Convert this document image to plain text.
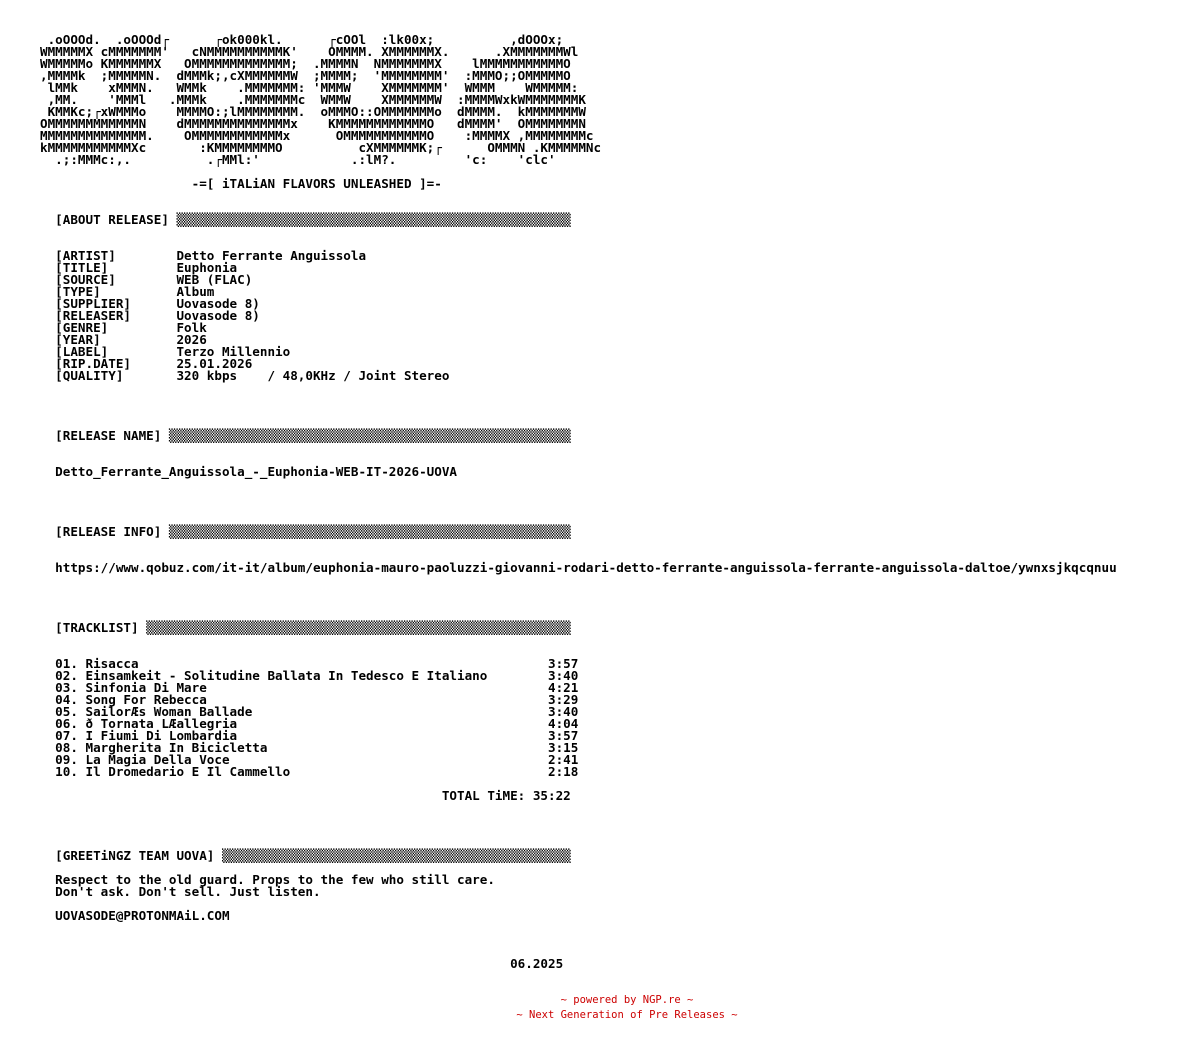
.oOOOd.  .oOOOd┌      ┌ok000kl.      ┌cOOl  :lk00x;          ,dOOOx;
WMMMMMX cMMMMMMM'   cNMMMMMMMMMMK'    OMMMM. XMMMMMMX.      .XMMMMMMMWl
WMMMMMo KMMMMMMX   OMMMMMMMMMMMMM;  .MMMMN  NMMMMMMMX    lMMMMMMMMMMMO
,MMMMk  ;MMMMMN.  dMMMk;,cXMMMMMMW  ;MMMM;  'MMMMMMMM'  :MMMO;;OMMMMMO
lMMk    xMMMN.   WMMk    .MMMMMMM: 'MMMW    XMMMMMMM'  WMMM    WMMMMM:
,MM.    'MMMl   .MMMk    .MMMMMMMc  WMMW    XMMMMMMW  :MMMMWxkWMMMMMMMK
KMMKc;┌xWMMMo    MMMMO:;lMMMMMMMM.  oMMMO::OMMMMMMMo  dMMMM.  kMMMMMMMW
OMMMMMMMMMMMMN    dMMMMMMMMMMMMMMx    KMMMMMMMMMMMMO   dMMMM'  OMMMMMMMN
MMMMMMMMMMMMMM.    OMMMMMMMMMMMMx      OMMMMMMMMMMMO    :MMMMX ,MMMMMMMMc
kMMMMMMMMMMMXc       :KMMMMMMMMO          cXMMMMMMK;┌      OMMMN .KMMMMMNc
.;:MMMc:,.          .┌MMl:'            .:lM?.         'c:    'clc'

-=[ iTALiAN FLAVORS UNLEASHED ]=-

[ABOUT RELEASE] ▒▒▒▒▒▒▒▒▒▒▒▒▒▒▒▒▒▒▒▒▒▒▒▒▒▒▒▒▒▒▒▒▒▒▒▒▒▒▒▒▒▒▒▒▒▒▒▒▒▒▒▒

[ARTIST]        Detto Ferrante Anguissola
[TITLE]         Euphonia
[SOURCE]        WEB (FLAC)
[TYPE]          Album
[SUPPLIER]      Uovasode 8)
[RELEASER]      Uovasode 8)
[GENRE]         Folk
[YEAR]          2026
[LABEL]         Terzo Millennio
[RIP.DATE]      25.01.2026
[QUALITY]       320 kbps    / 48,0KHz / Joint Stereo

[RELEASE NAME] ▒▒▒▒▒▒▒▒▒▒▒▒▒▒▒▒▒▒▒▒▒▒▒▒▒▒▒▒▒▒▒▒▒▒▒▒▒▒▒▒▒▒▒▒▒▒▒▒▒▒▒▒▒

Detto_Ferrante_Anguissola_-_Euphonia-WEB-IT-2026-UOVA

[RELEASE INFO] ▒▒▒▒▒▒▒▒▒▒▒▒▒▒▒▒▒▒▒▒▒▒▒▒▒▒▒▒▒▒▒▒▒▒▒▒▒▒▒▒▒▒▒▒▒▒▒▒▒▒▒▒▒

https://www.qobuz.com/it-it/album/euphonia-mauro-paoluzzi-giovanni-rodari-detto-ferrante-anguissola-ferrante-anguissola-daltoe/ywnxsjkqcqnuu

[TRACKLIST] ▒▒▒▒▒▒▒▒▒▒▒▒▒▒▒▒▒▒▒▒▒▒▒▒▒▒▒▒▒▒▒▒▒▒▒▒▒▒▒▒▒▒▒▒▒▒▒▒▒▒▒▒▒▒▒▒

01. Risacca                                                      3:57
02. Einsamkeit - Solitudine Ballata In Tedesco E Italiano        3:40
03. Sinfonia Di Mare                                             4:21
04. Song For Rebecca                                             3:29
05. SailorÆs Woman Ballade                                       3:40
06. ð Tornata LÆallegria                                         4:04
07. I Fiumi Di Lombardia                                         3:57
08. Margherita In Bicicletta                                     3:15
09. La Magia Della Voce                                          2:41
10. Il Dromedario E Il Cammello                                  2:18

TOTAL TiME: 35:22

[GREETiNGZ TEAM UOVA] ▒▒▒▒▒▒▒▒▒▒▒▒▒▒▒▒▒▒▒▒▒▒▒▒▒▒▒▒▒▒▒▒▒▒▒▒▒▒▒▒▒▒▒▒▒▒

Respect to the old guard. Props to the few who still care.
Don't ask. Don't sell. Just listen.

UOVASODE@PROTONMAiL.COM

06.2025
~ powered by NGP.re ~
~ Next Generation of Pre Releases ~
